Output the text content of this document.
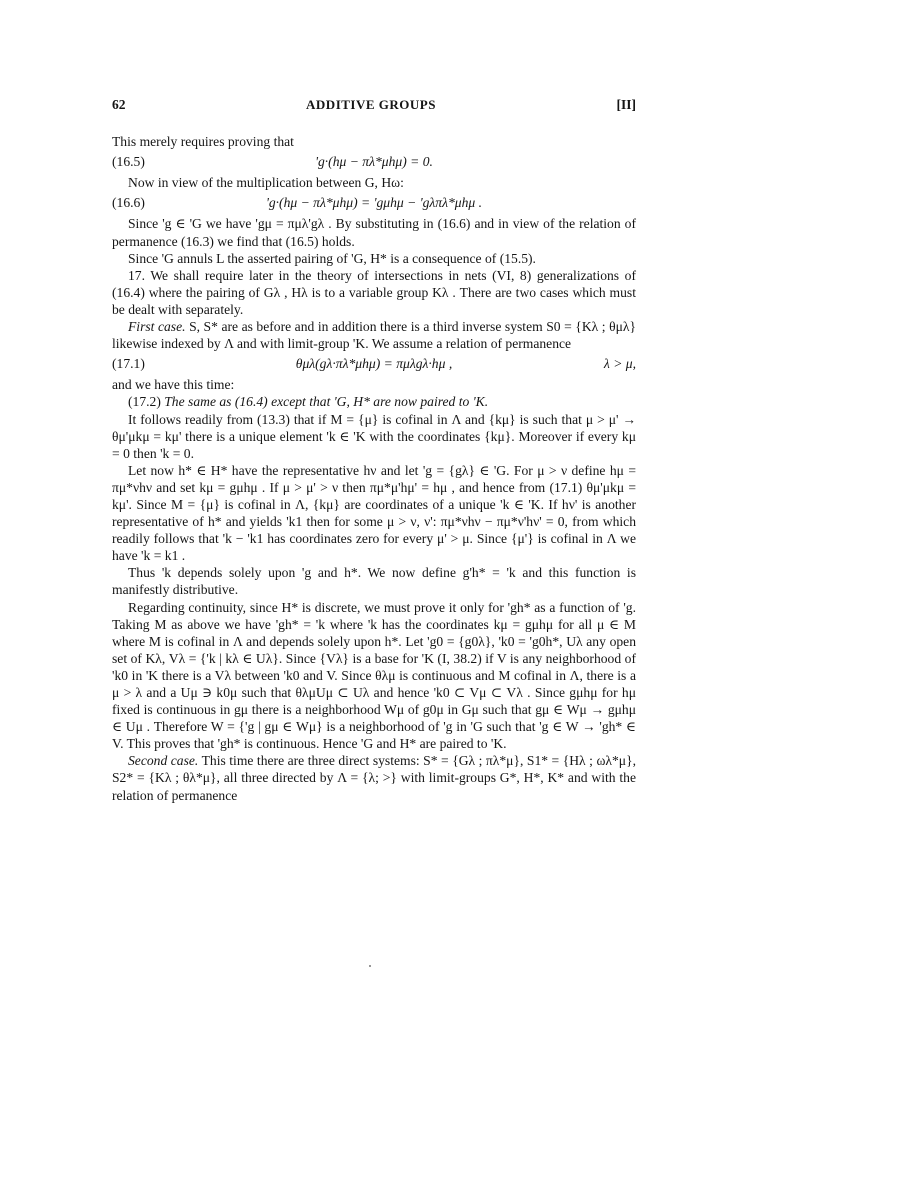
62	ADDITIVE GROUPS	[II]

This merely requires proving that

(16.5)	'g·(hμ − πλ*μhμ) = 0.

Now in view of the multiplication between G, Hω:

(16.6)	'g·(hμ − πλ*μhμ) = 'gμhμ − 'gλπλ*μhμ .

Since 'g ∈ 'G we have 'gμ = πμλ'gλ . By substituting in (16.6) and in view of the relation of permanence (16.3) we find that (16.5) holds.

Since 'G annuls L the asserted pairing of 'G, H* is a consequence of (15.5).

17. We shall require later in the theory of intersections in nets (VI, 8) generalizations of (16.4) where the pairing of Gλ , Hλ is to a variable group Kλ . There are two cases which must be dealt with separately.

First case. S, S* are as before and in addition there is a third inverse system S0 = {Kλ ; θμλ} likewise indexed by Λ and with limit-group 'K. We assume a relation of permanence

(17.1)	θμλ(gλ·πλ*μhμ) = πμλgλ·hμ ,	λ > μ,

and we have this time:

(17.2) The same as (16.4) except that 'G, H* are now paired to 'K.

It follows readily from (13.3) that if M = {μ} is cofinal in Λ and {kμ} is such that μ > μ' → θμ'μkμ = kμ' there is a unique element 'k ∈ 'K with the coordinates {kμ}. Moreover if every kμ = 0 then 'k = 0.

Let now h* ∈ H* have the representative hν and let 'g = {gλ} ∈ 'G. For μ > ν define hμ = πμ*νhν and set kμ = gμhμ . If μ > μ' > ν then πμ*μ'hμ' = hμ , and hence from (17.1) θμ'μkμ = kμ'. Since M = {μ} is cofinal in Λ, {kμ} are coordinates of a unique 'k ∈ 'K. If hν' is another representative of h* and yields 'k1 then for some μ > ν, ν': πμ*νhν − πμ*ν'hν' = 0, from which readily follows that 'k − 'k1 has coordinates zero for every μ' > μ. Since {μ'} is cofinal in Λ we have 'k = k1 .

Thus 'k depends solely upon 'g and h*. We now define g'h* = 'k and this function is manifestly distributive.

Regarding continuity, since H* is discrete, we must prove it only for 'gh* as a function of 'g. Taking M as above we have 'gh* = 'k where 'k has the coordinates kμ = gμhμ for all μ ∈ M where M is cofinal in Λ and depends solely upon h*. Let 'g0 = {g0λ}, 'k0 = 'g0h*, Uλ any open set of Kλ, Vλ = {'k | kλ ∈ Uλ}. Since {Vλ} is a base for 'K (I, 38.2) if V is any neighborhood of 'k0 in 'K there is a Vλ between 'k0 and V. Since θλμ is continuous and M cofinal in Λ, there is a μ > λ and a Uμ ∋ k0μ such that θλμUμ ⊂ Uλ and hence 'k0 ⊂ Vμ ⊂ Vλ . Since gμhμ for hμ fixed is continuous in gμ there is a neighborhood Wμ of g0μ in Gμ such that gμ ∈ Wμ → gμhμ ∈ Uμ . Therefore W = {'g | gμ ∈ Wμ} is a neighborhood of 'g in 'G such that 'g ∈ W → 'gh* ∈ V. This proves that 'gh* is continuous. Hence 'G and H* are paired to 'K.

Second case. This time there are three direct systems: S* = {Gλ ; πλ*μ}, S1* = {Hλ ; ωλ*μ}, S2* = {Kλ ; θλ*μ}, all three directed by Λ = {λ; >} with limit-groups G*, H*, K* and with the relation of permanence
